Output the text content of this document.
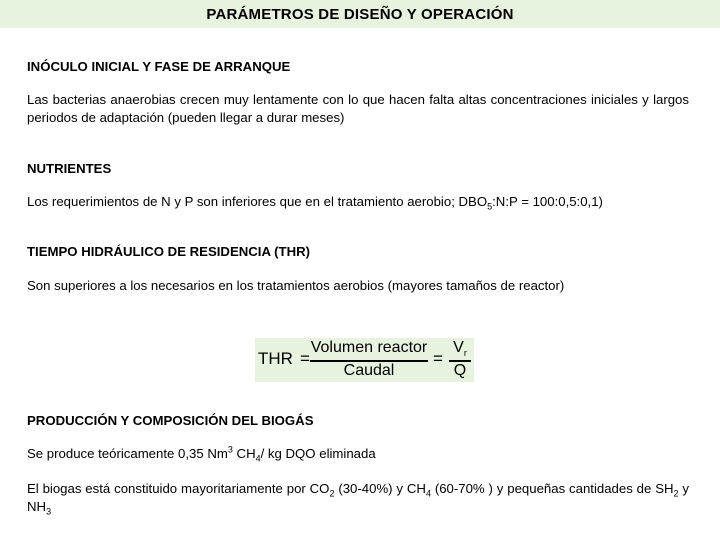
PARÁMETROS DE DISEÑO Y OPERACIÓN
INÓCULO INICIAL Y FASE DE ARRANQUE
Las bacterias anaerobias crecen muy lentamente con lo que hacen falta altas concentraciones iniciales y largos periodos de adaptación (pueden llegar a durar meses)
NUTRIENTES
Los requerimientos de N y P son inferiores que en el tratamiento aerobio; $DBO_5:N:P$ = 100:0,5:0,1)
TIEMPO HIDRÁULICO DE RESIDENCIA (THR)
Son superiores a los necesarios en los tratamientos aerobios (mayores tamaños de reactor)
THR =
Volumen reactor
Caudal
=
$V_r$
Q
PRODUCCIÓN Y COMPOSICIÓN DEL BIOGÁS
Se produce teóricamente 0,35 Nm$^3$ $CH_4/$ kg DQO eliminada
El biogas está constituido mayoritariamente por $CO_2$ (30-40%) y $CH_4$ (60-70% ) y pequeñas cantidades de $SH_2$ y $NH_3$
